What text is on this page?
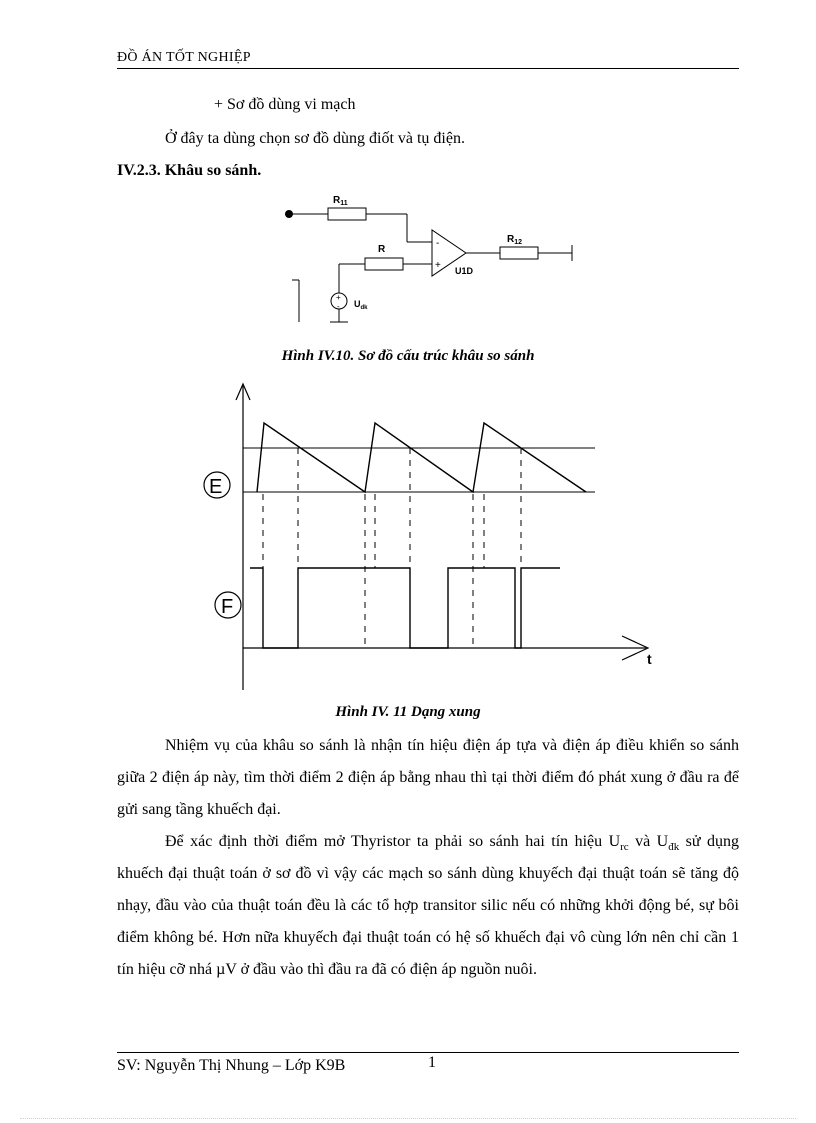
ĐỒ ÁN TỐT NGHIỆP
+ Sơ đồ dùng vi mạch
Ở đây ta dùng chọn sơ đồ dùng điốt và tụ điện.
IV.2.3. Khâu so sánh.
$R_{11}$
R
$R_{12}$
-
+ U1D
+
- $U_{dk}$
Hình IV.10. Sơ đồ cấu trúc khâu so sánh
E
F
t
Hình IV. 11 Dạng xung
Nhiệm vụ của khâu so sánh là nhận tín hiệu điện áp tựa và điện áp điều khiển so sánh giữa 2 điện áp này, tìm thời điểm 2 điện áp bằng nhau thì tại thời điểm đó phát xung ở đầu ra để gửi sang tầng khuếch đại.
Để xác định thời điểm mở Thyristor ta phải so sánh hai tín hiệu $U_{rc}$ và $U_{đk}$ sử dụng khuếch đại thuật toán ở sơ đồ vì vậy các mạch so sánh dùng khuyếch đại thuật toán sẽ tăng độ nhạy, đầu vào của thuật toán đều là các tổ hợp transitor silic nếu có những khởi động bé, sự bôi điểm không bé. Hơn nữa khuyếch đại thuật toán có hệ số khuếch đại vô cùng lớn nên chỉ cần 1 tín hiệu cỡ nhá µV ở đầu vào thì đầu ra đã có điện áp nguồn nuôi.
SV: Nguyễn Thị Nhung – Lớp K9B	1
